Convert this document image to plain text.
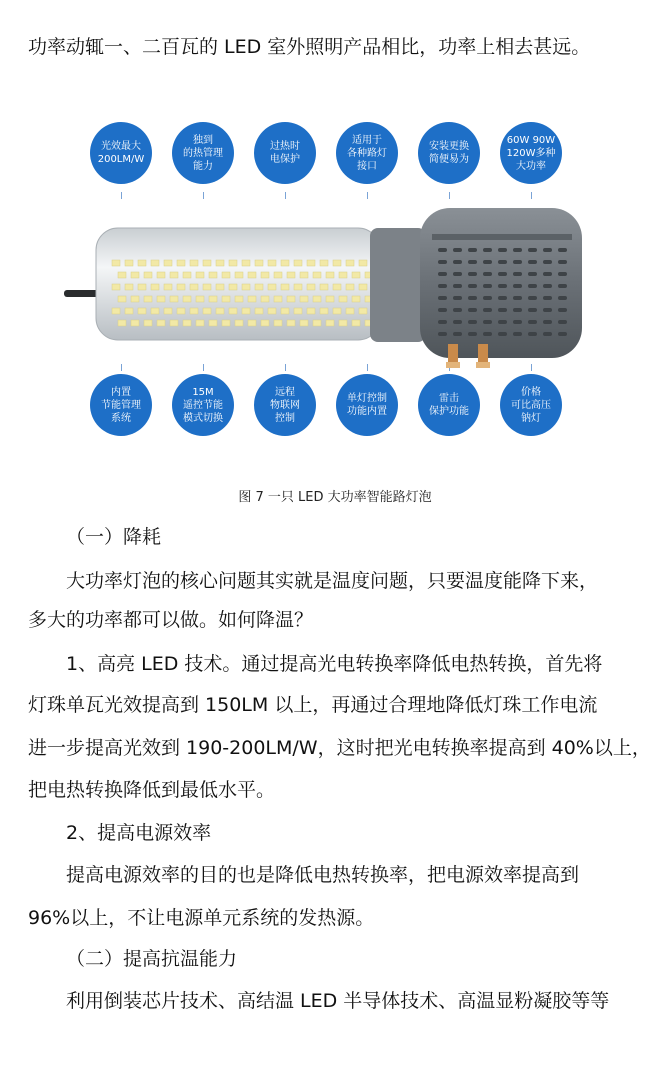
功率动辄一、二百瓦的 LED 室外照明产品相比，功率上相去甚远。

光效最大
200LM/W
独到
的热管理
能力
过热时
电保护
适用于
各种路灯
接口
安装更换
简便易为
60W 90W
120W多种
大功率
内置
节能管理
系统
15M
遥控节能
模式切换
远程
物联网
控制
单灯控制
功能内置
雷击
保护功能
价格
可比高压
钠灯
图 7 一只 LED 大功率智能路灯泡

（一）降耗

大功率灯泡的核心问题其实就是温度问题，只要温度能降下来，

多大的功率都可以做。如何降温？

1、高亮 LED 技术。通过提高光电转换率降低电热转换，首先将

灯珠单瓦光效提高到 150LM 以上，再通过合理地降低灯珠工作电流

进一步提高光效到 190-200LM/W，这时把光电转换率提高到 40%以上，

把电热转换降低到最低水平。

2、提高电源效率

提高电源效率的目的也是降低电热转换率，把电源效率提高到

96%以上，不让电源单元系统的发热源。

（二）提高抗温能力

利用倒装芯片技术、高结温 LED 半导体技术、高温显粉凝胶等等
